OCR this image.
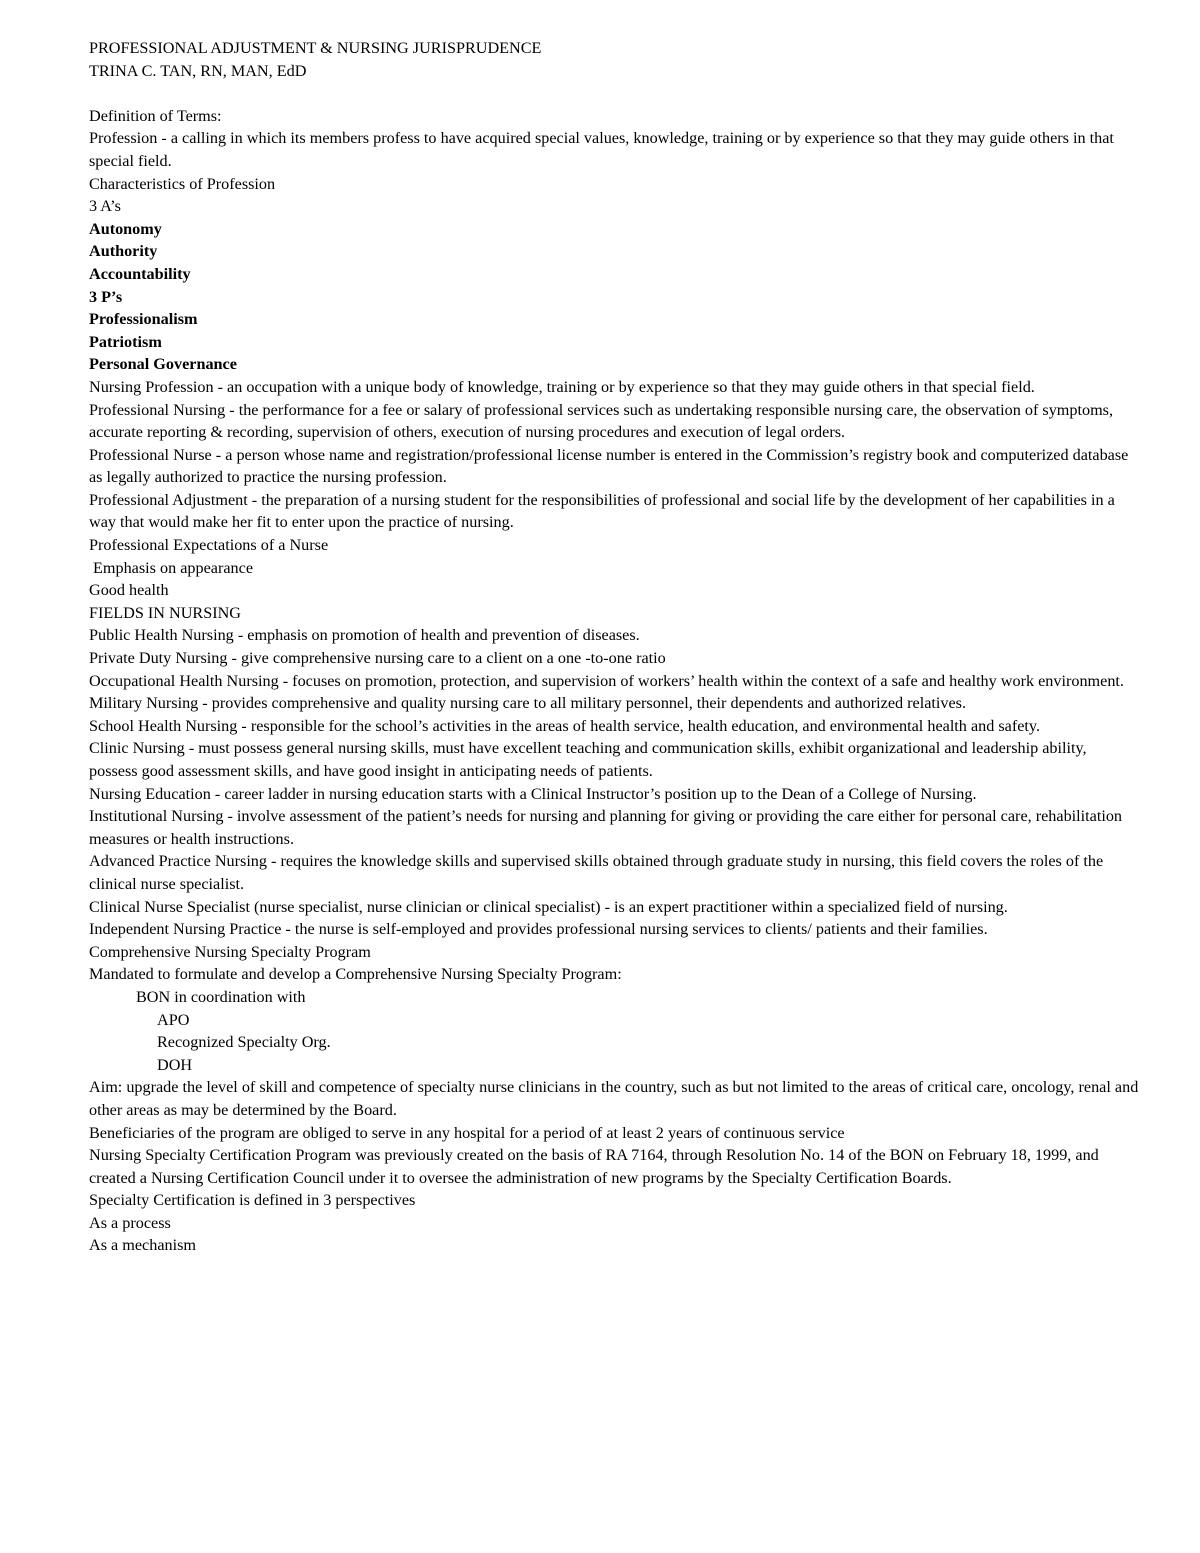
PROFESSIONAL ADJUSTMENT & NURSING JURISPRUDENCE
TRINA C. TAN, RN, MAN, EdD
Definition of Terms:
Profession - a calling in which its members profess to have acquired special values, knowledge, training or by experience so that they may guide others in that special field.
Characteristics of Profession
3 A’s
Autonomy
Authority
Accountability
3 P’s
Professionalism
Patriotism
Personal Governance
Nursing Profession - an occupation with a unique body of knowledge, training or by experience so that they may guide others in that special field.
Professional Nursing - the performance for a fee or salary of professional services such as undertaking responsible nursing care, the observation of symptoms, accurate reporting & recording, supervision of others, execution of nursing procedures and execution of legal orders.
Professional Nurse - a person whose name and registration/professional license number is entered in the Commission’s registry book and computerized database as legally authorized to practice the nursing profession.
Professional Adjustment - the preparation of a nursing student for the responsibilities of professional and social life by the development of her capabilities in a way that would make her fit to enter upon the practice of nursing.
Professional Expectations of a Nurse
Emphasis on appearance
Good health
FIELDS IN NURSING
Public Health Nursing - emphasis on promotion of health and prevention of diseases.
Private Duty Nursing - give comprehensive nursing care to a client on a one -to-one ratio
Occupational Health Nursing - focuses on promotion, protection, and supervision of workers’ health within the context of a safe and healthy work environment.
Military Nursing - provides comprehensive and quality nursing care to all military personnel, their dependents and authorized relatives.
School Health Nursing - responsible for the school’s activities in the areas of health service, health education, and environmental health and safety.
Clinic Nursing - must possess general nursing skills, must have excellent teaching and communication skills, exhibit organizational and leadership ability, possess good assessment skills, and have good insight in anticipating needs of patients.
Nursing Education - career ladder in nursing education starts with a Clinical Instructor’s position up to the Dean of a College of Nursing.
Institutional Nursing - involve assessment of the patient’s needs for nursing and planning for giving or providing the care either for personal care, rehabilitation measures or health instructions.
Advanced Practice Nursing - requires the knowledge skills and supervised skills obtained through graduate study in nursing, this field covers the roles of the clinical nurse specialist.
Clinical Nurse Specialist (nurse specialist, nurse clinician or clinical specialist) - is an expert practitioner within a specialized field of nursing.
Independent Nursing Practice - the nurse is self-employed and provides professional nursing services to clients/ patients and their families.
Comprehensive Nursing Specialty Program
Mandated to formulate and develop a Comprehensive Nursing Specialty Program:
BON in coordination with
APO
Recognized Specialty Org.
DOH
Aim: upgrade the level of skill and competence of specialty nurse clinicians in the country, such as but not limited to the areas of critical care, oncology, renal and other areas as may be determined by the Board.
Beneficiaries of the program are obliged to serve in any hospital for a period of at least 2 years of continuous service
Nursing Specialty Certification Program was previously created on the basis of RA 7164, through Resolution No. 14 of the BON on February 18, 1999, and created a Nursing Certification Council under it to oversee the administration of new programs by the Specialty Certification Boards.
Specialty Certification is defined in 3 perspectives
As a process
As a mechanism
